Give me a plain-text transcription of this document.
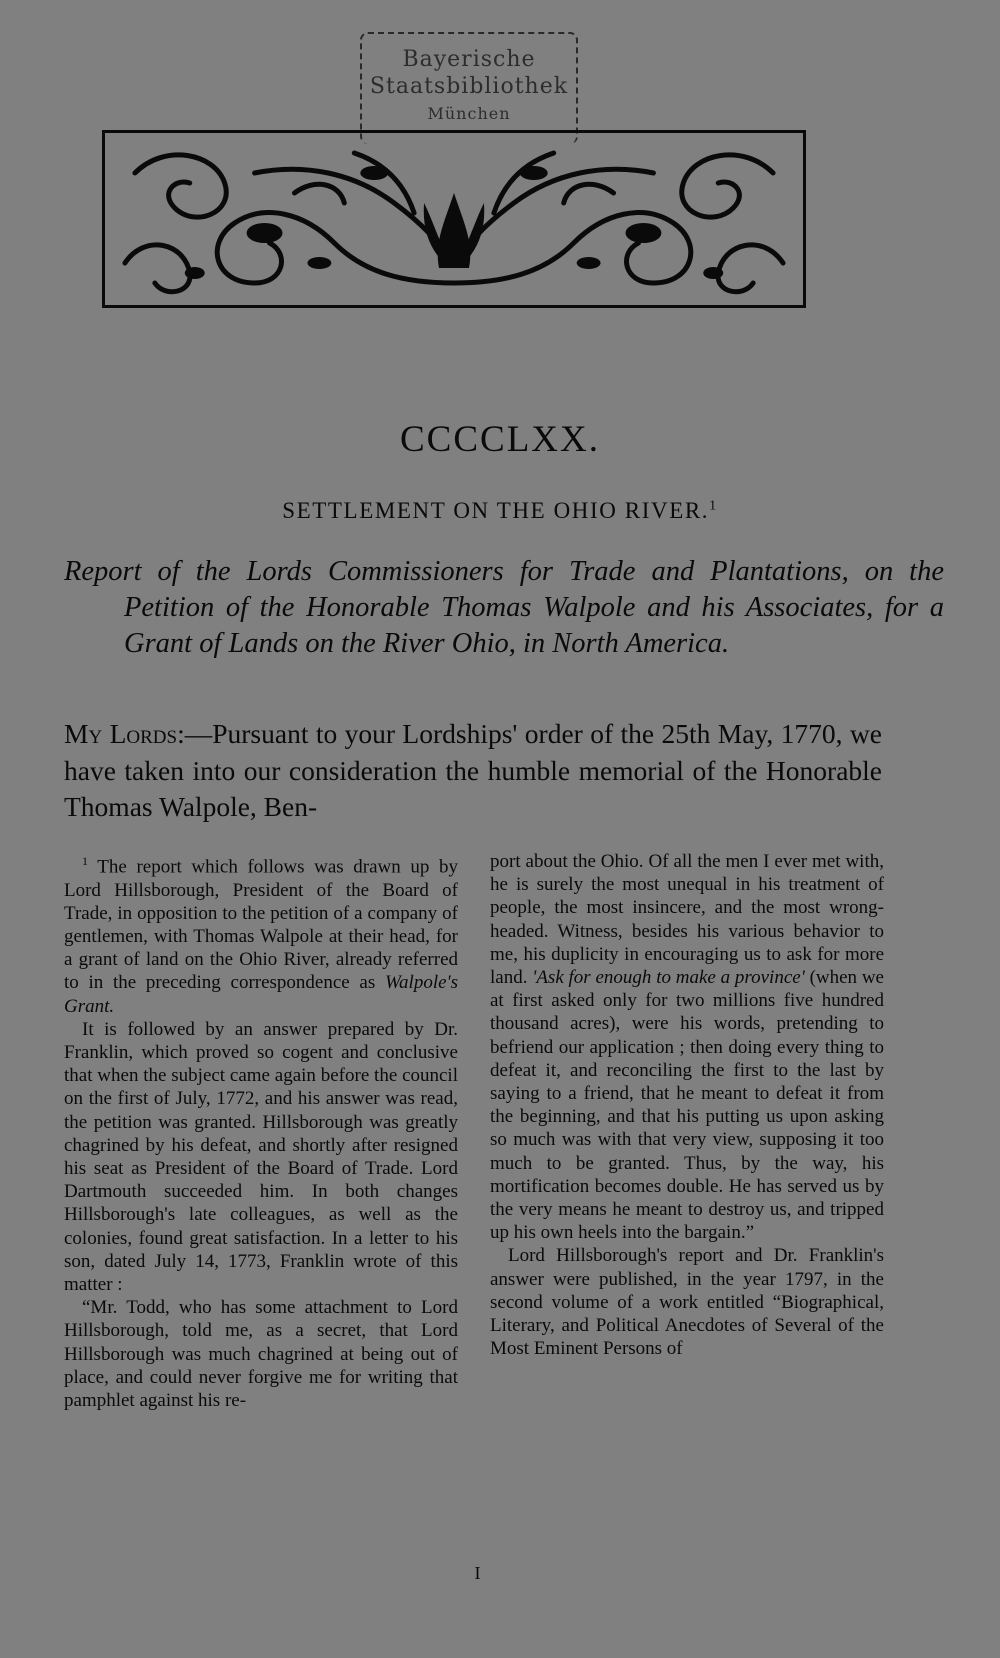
Bayerische
Staatsbibliothek
München
CCCCLXX.
SETTLEMENT ON THE OHIO RIVER.$^1$
Report of the Lords Commissioners for Trade and Plantations, on the Petition of the Honorable Thomas Walpole and his Associates, for a Grant of Lands on the River Ohio, in North America.
My Lords:—Pursuant to your Lordships' order of the 25th May, 1770, we have taken into our consideration the humble memorial of the Honorable Thomas Walpole, Ben-

$^1$ The report which follows was drawn up by Lord Hillsborough, President of the Board of Trade, in opposition to the petition of a company of gentlemen, with Thomas Walpole at their head, for a grant of land on the Ohio River, already referred to in the preceding correspondence as Walpole's Grant.

It is followed by an answer prepared by Dr. Franklin, which proved so cogent and conclusive that when the subject came again before the council on the first of July, 1772, and his answer was read, the petition was granted. Hillsborough was greatly chagrined by his defeat, and shortly after resigned his seat as President of the Board of Trade. Lord Dartmouth succeeded him. In both changes Hillsborough's late colleagues, as well as the colonies, found great satisfaction. In a letter to his son, dated July 14, 1773, Franklin wrote of this matter :

“Mr. Todd, who has some attachment to Lord Hillsborough, told me, as a secret, that Lord Hillsborough was much chagrined at being out of place, and could never forgive me for writing that pamphlet against his re-

port about the Ohio. Of all the men I ever met with, he is surely the most unequal in his treatment of people, the most insincere, and the most wrong-headed. Witness, besides his various behavior to me, his duplicity in encouraging us to ask for more land. 'Ask for enough to make a province' (when we at first asked only for two millions five hundred thousand acres), were his words, pretending to befriend our application ; then doing every thing to defeat it, and reconciling the first to the last by saying to a friend, that he meant to defeat it from the beginning, and that his putting us upon asking so much was with that very view, supposing it too much to be granted. Thus, by the way, his mortification becomes double. He has served us by the very means he meant to destroy us, and tripped up his own heels into the bargain.”

Lord Hillsborough's report and Dr. Franklin's answer were published, in the year 1797, in the second volume of a work entitled “Biographical, Literary, and Political Anecdotes of Several of the Most Eminent Persons of

I
